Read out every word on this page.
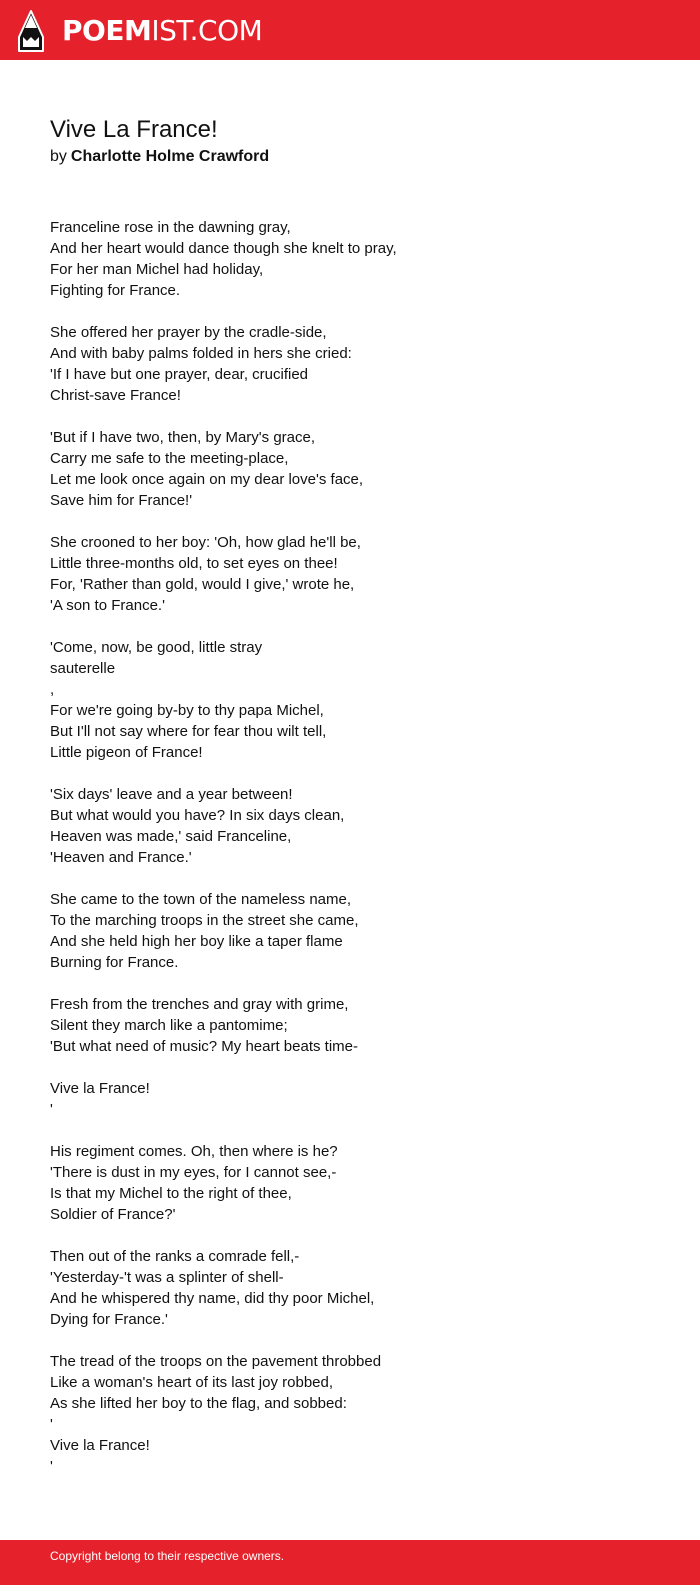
POEMIST.COM
Vive La France!
by Charlotte Holme Crawford
Franceline rose in the dawning gray,
And her heart would dance though she knelt to pray,
For her man Michel had holiday,
Fighting for France.
She offered her prayer by the cradle-side,
And with baby palms folded in hers she cried:
'If I have but one prayer, dear, crucified
Christ-save France!
'But if I have two, then, by Mary's grace,
Carry me safe to the meeting-place,
Let me look once again on my dear love's face,
Save him for France!'
She crooned to her boy: 'Oh, how glad he'll be,
Little three-months old, to set eyes on thee!
For, 'Rather than gold, would I give,' wrote he,
'A son to France.'
'Come, now, be good, little stray
sauterelle
,
For we're going by-by to thy papa Michel,
But I'll not say where for fear thou wilt tell,
Little pigeon of France!
'Six days' leave and a year between!
But what would you have? In six days clean,
Heaven was made,' said Franceline,
'Heaven and France.'
She came to the town of the nameless name,
To the marching troops in the street she came,
And she held high her boy like a taper flame
Burning for France.
Fresh from the trenches and gray with grime,
Silent they march like a pantomime;
'But what need of music? My heart beats time-
Vive la France!
'
His regiment comes. Oh, then where is he?
'There is dust in my eyes, for I cannot see,-
Is that my Michel to the right of thee,
Soldier of France?'
Then out of the ranks a comrade fell,-
'Yesterday-'t was a splinter of shell-
And he whispered thy name, did thy poor Michel,
Dying for France.'
The tread of the troops on the pavement throbbed
Like a woman's heart of its last joy robbed,
As she lifted her boy to the flag, and sobbed:
'
Vive la France!
'
Copyright belong to their respective owners.
